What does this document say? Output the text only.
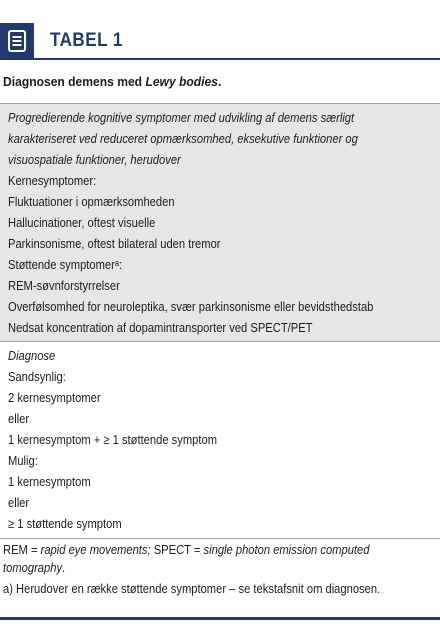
TABEL 1
Diagnosen demens med Lewy bodies.
Progredierende kognitive symptomer med udvikling af demens særligt
karakteriseret ved reduceret opmærksomhed, eksekutive funktioner og
visuospatiale funktioner, herudover
Kernesymptomer:
Fluktuationer i opmærksomheden
Hallucinationer, oftest visuelle
Parkinsonisme, oftest bilateral uden tremor
Støttende symptomerᵃ:
REM-søvnforstyrrelser
Overfølsomhed for neuroleptika, svær parkinsonisme eller bevidsthedstab
Nedsat koncentration af dopamintransporter ved SPECT/PET
Diagnose
Sandsynlig:
2 kernesymptomer
eller
1 kernesymptom + ≥ 1 støttende symptom
Mulig:
1 kernesymptom
eller
≥ 1 støttende symptom
REM = rapid eye movements; SPECT = single photon emission computed
tomography.
a) Herudover en række støttende symptomer – se tekstafsnit om diagnosen.
